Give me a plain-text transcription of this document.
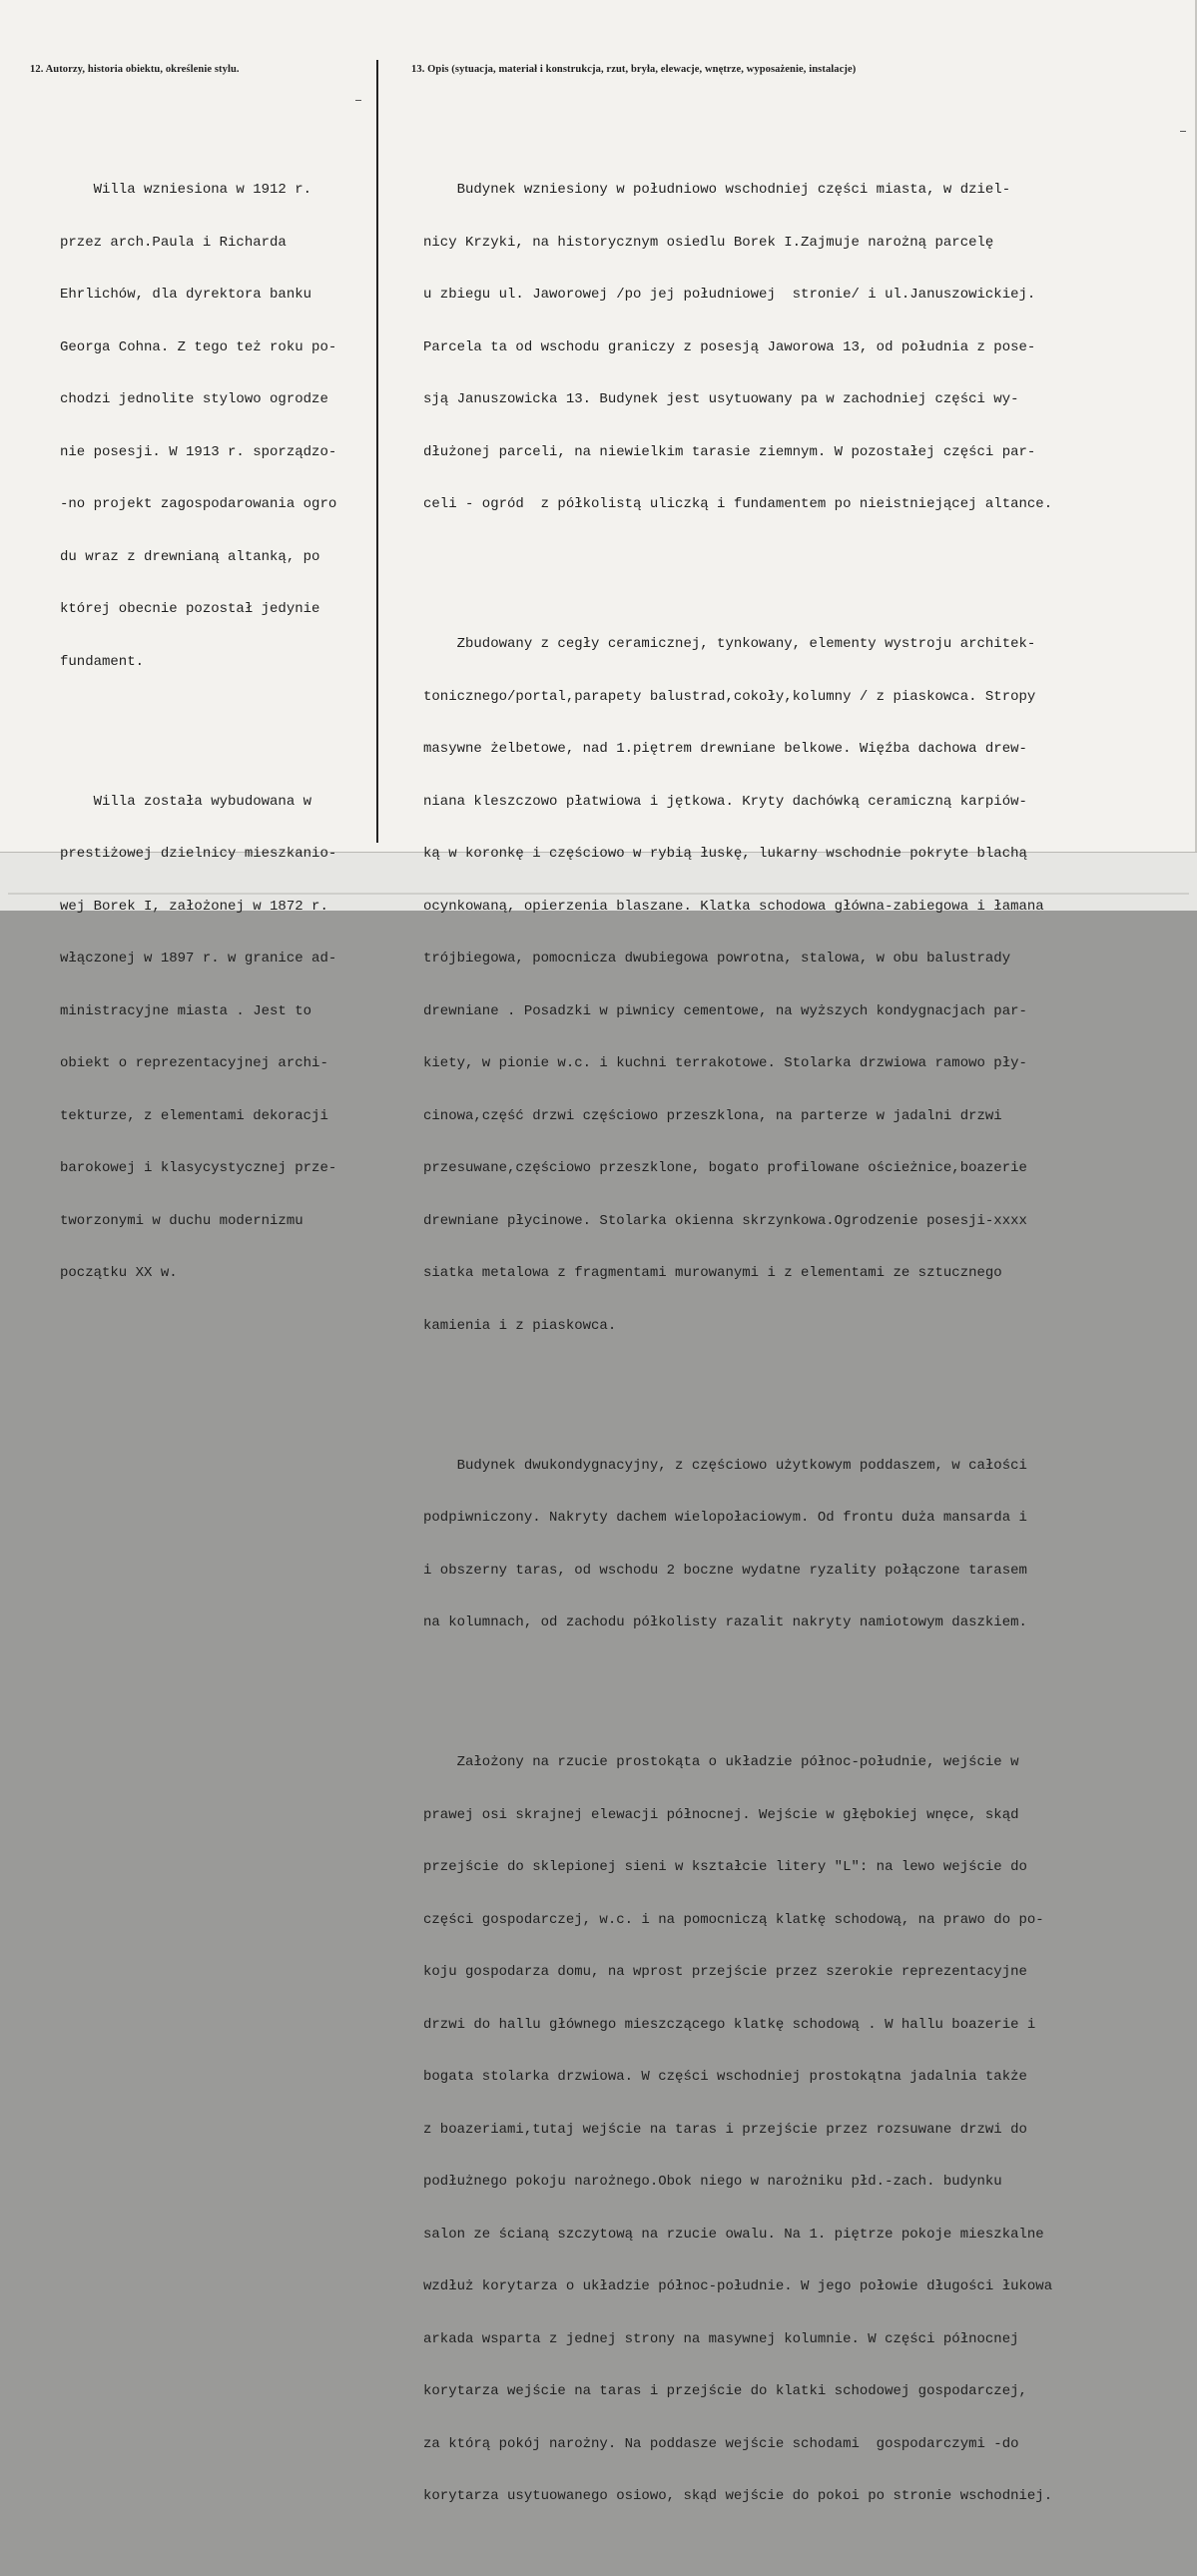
12. Autorzy, historia obiektu, określenie stylu.	13. Opis (sytuacja, materiał i konstrukcja, rzut, bryła, elewacje, wnętrze, wyposażenie, instalacje)

Willa wzniesiona w 1912 r.

przez arch.Paula i Richarda

Ehrlichów, dla dyrektora banku

Georga Cohna. Z tego też roku po-

chodzi jednolite stylowo ogrodze

nie posesji. W 1913 r. sporządzo-

-no projekt zagospodarowania ogro

du wraz z drewnianą altanką, po

której obecnie pozostał jedynie

fundament.

Willa została wybudowana w

prestiżowej dzielnicy mieszkanio-

wej Borek I, założonej w 1872 r.

włączonej w 1897 r. w granice ad-

ministracyjne miasta . Jest to

obiekt o reprezentacyjnej archi-

tekturze, z elementami dekoracji

barokowej i klasycystycznej prze-

tworzonymi w duchu modernizmu

początku XX w.

Budynek wzniesiony w południowo wschodniej części miasta, w dziel-

nicy Krzyki, na historycznym osiedlu Borek I.Zajmuje narożną parcelę

u zbiegu ul. Jaworowej /po jej południowej  stronie/ i ul.Januszowickiej.

Parcela ta od wschodu graniczy z posesją Jaworowa 13, od południa z pose-

sją Januszowicka 13. Budynek jest usytuowany pa w zachodniej części wy-

dłużonej parceli, na niewielkim tarasie ziemnym. W pozostałej części par-

celi - ogród  z półkolistą uliczką i fundamentem po nieistniejącej altance.

Zbudowany z cegły ceramicznej, tynkowany, elementy wystroju architek-

tonicznego/portal,parapety balustrad,cokoły,kolumny / z piaskowca. Stropy

masywne żelbetowe, nad 1.piętrem drewniane belkowe. Więźba dachowa drew-

niana kleszczowo płatwiowa i jętkowa. Kryty dachówką ceramiczną karpiów-

ką w koronkę i częściowo w rybią łuskę, lukarny wschodnie pokryte blachą

ocynkowaną, opierzenia blaszane. Klatka schodowa główna-zabiegowa i łamana

trójbiegowa, pomocnicza dwubiegowa powrotna, stalowa, w obu balustrady

drewniane . Posadzki w piwnicy cementowe, na wyższych kondygnacjach par-

kiety, w pionie w.c. i kuchni terrakotowe. Stolarka drzwiowa ramowo pły-

cinowa,część drzwi częściowo przeszklona, na parterze w jadalni drzwi

przesuwane,częściowo przeszklone, bogato profilowane ościeżnice,boazerie

drewniane płycinowe. Stolarka okienna skrzynkowa.Ogrodzenie posesji-xxxx

siatka metalowa z fragmentami murowanymi i z elementami ze sztucznego

kamienia i z piaskowca.

Budynek dwukondygnacyjny, z częściowo użytkowym poddaszem, w całości

podpiwniczony. Nakryty dachem wielopołaciowym. Od frontu duża mansarda i

i obszerny taras, od wschodu 2 boczne wydatne ryzality połączone tarasem

na kolumnach, od zachodu półkolisty razalit nakryty namiotowym daszkiem.

Założony na rzucie prostokąta o układzie północ-południe, wejście w

prawej osi skrajnej elewacji północnej. Wejście w głębokiej wnęce, skąd

przejście do sklepionej sieni w kształcie litery "L": na lewo wejście do

części gospodarczej, w.c. i na pomocniczą klatkę schodową, na prawo do po-

koju gospodarza domu, na wprost przejście przez szerokie reprezentacyjne

drzwi do hallu głównego mieszczącego klatkę schodową . W hallu boazerie i

bogata stolarka drzwiowa. W części wschodniej prostokątna jadalnia także

z boazeriami,tutaj wejście na taras i przejście przez rozsuwane drzwi do

podłużnego pokoju narożnego.Obok niego w narożniku płd.-zach. budynku

salon ze ścianą szczytową na rzucie owalu. Na 1. piętrze pokoje mieszkalne

wzdłuż korytarza o układzie północ-południe. W jego połowie długości łukowa

arkada wsparta z jednej strony na masywnej kolumnie. W części północnej

korytarza wejście na taras i przejście do klatki schodowej gospodarczej,

za którą pokój narożny. Na poddasze wejście schodami  gospodarczymi -do

korytarza usytuowanego osiowo, skąd wejście do pokoi po stronie wschodniej.
